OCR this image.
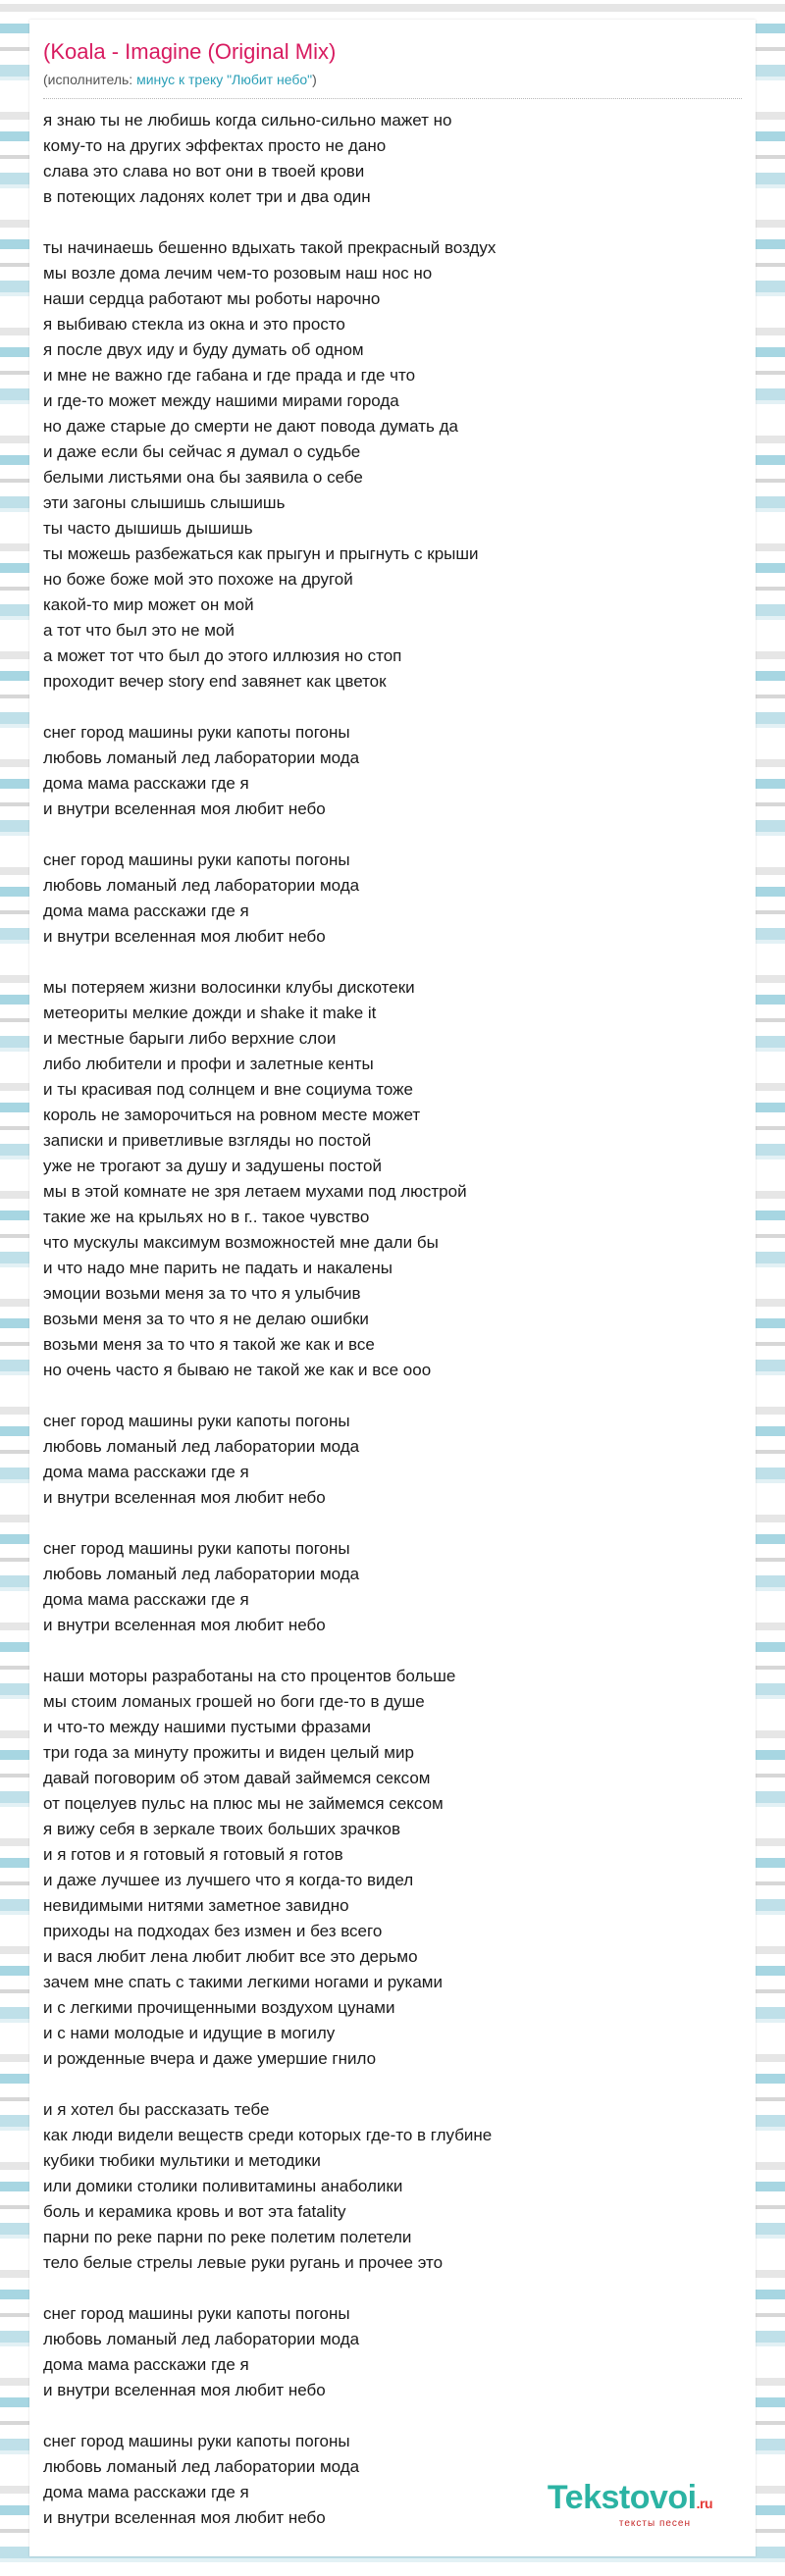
(Koala - Imagine (Original Mix)
(исполнитель: минус к треку "Любит небо")
я знаю ты не любишь когда сильно-сильно мажет но
кому-то на других эффектах просто не дано
слава это слава но вот они в твоей крови
в потеющих ладонях колет три и два один
ты начинаешь бешенно вдыхать такой прекрасный воздух
мы возле дома лечим чем-то розовым наш нос но
наши сердца работают мы роботы нарочно
я выбиваю стекла из окна и это просто
я после двух иду и буду думать об одном
и мне не важно где габана и где прада и где что
и где-то может между нашими мирами города
но даже старые до смерти не дают повода думать да
и даже если бы сейчас я думал о судьбе
белыми листьями она бы заявила о себе
эти загоны слышишь слышишь
ты часто дышишь дышишь
ты можешь разбежаться как прыгун и прыгнуть с крыши
но боже боже мой это похоже на другой
какой-то мир может он мой
а тот что был это не мой
а может тот что был до этого иллюзия но стоп
проходит вечер story end завянет как цветок
снег город машины руки капоты погоны
любовь ломаный лед лаборатории мода
дома мама расскажи где я
и внутри вселенная моя любит небо
снег город машины руки капоты погоны
любовь ломаный лед лаборатории мода
дома мама расскажи где я
и внутри вселенная моя любит небо
мы потеряем жизни волосинки клубы дискотеки
метеориты мелкие дожди и shake it make it
и местные барыги либо верхние слои
либо любители и профи и залетные кенты
и ты красивая под солнцем и вне социума тоже
король не заморочиться на ровном месте может
записки и приветливые взгляды но постой
уже не трогают за душу и задушены постой
мы в этой комнате не зря летаем мухами под люстрой
такие же на крыльях но в г.. такое чувство
что мускулы максимум возможностей мне дали бы
и что надо мне парить не падать и накалены
эмоции возьми меня за то что я улыбчив
возьми меня за то что я не делаю ошибки
возьми меня за то что я такой же как и все
но очень часто я бываю не такой же как и все ооо
снег город машины руки капоты погоны
любовь ломаный лед лаборатории мода
дома мама расскажи где я
и внутри вселенная моя любит небо
снег город машины руки капоты погоны
любовь ломаный лед лаборатории мода
дома мама расскажи где я
и внутри вселенная моя любит небо
наши моторы разработаны на сто процентов больше
мы стоим ломаных грошей но боги где-то в душе
и что-то между нашими пустыми фразами
три года за минуту прожиты и виден целый мир
давай поговорим об этом давай займемся сексом
от поцелуев пульс на плюс мы не займемся сексом
я вижу себя в зеркале твоих больших зрачков
и я готов и я готовый я готовый я готов
и даже лучшее из лучшего что я когда-то видел
невидимыми нитями заметное завидно
приходы на подходах без измен и без всего
и вася любит лена любит любит все это дерьмо
зачем мне спать с такими легкими ногами и руками
и с легкими прочищенными воздухом цунами
и с нами молодые и идущие в могилу
и рожденные вчера и даже умершие гнило
и я хотел бы рассказать тебе
как люди видели веществ среди которых где-то в глубине
кубики тюбики мультики и методики
или домики столики поливитамины анаболики
боль и керамика кровь и вот эта fatality
парни по реке парни по реке полетим полетели
тело белые стрелы левые руки ругань и прочее это
снег город машины руки капоты погоны
любовь ломаный лед лаборатории мода
дома мама расскажи где я
и внутри вселенная моя любит небо
снег город машины руки капоты погоны
любовь ломаный лед лаборатории мода
дома мама расскажи где я
и внутри вселенная моя любит небо
Tekstovoi.ru
тексты песен
